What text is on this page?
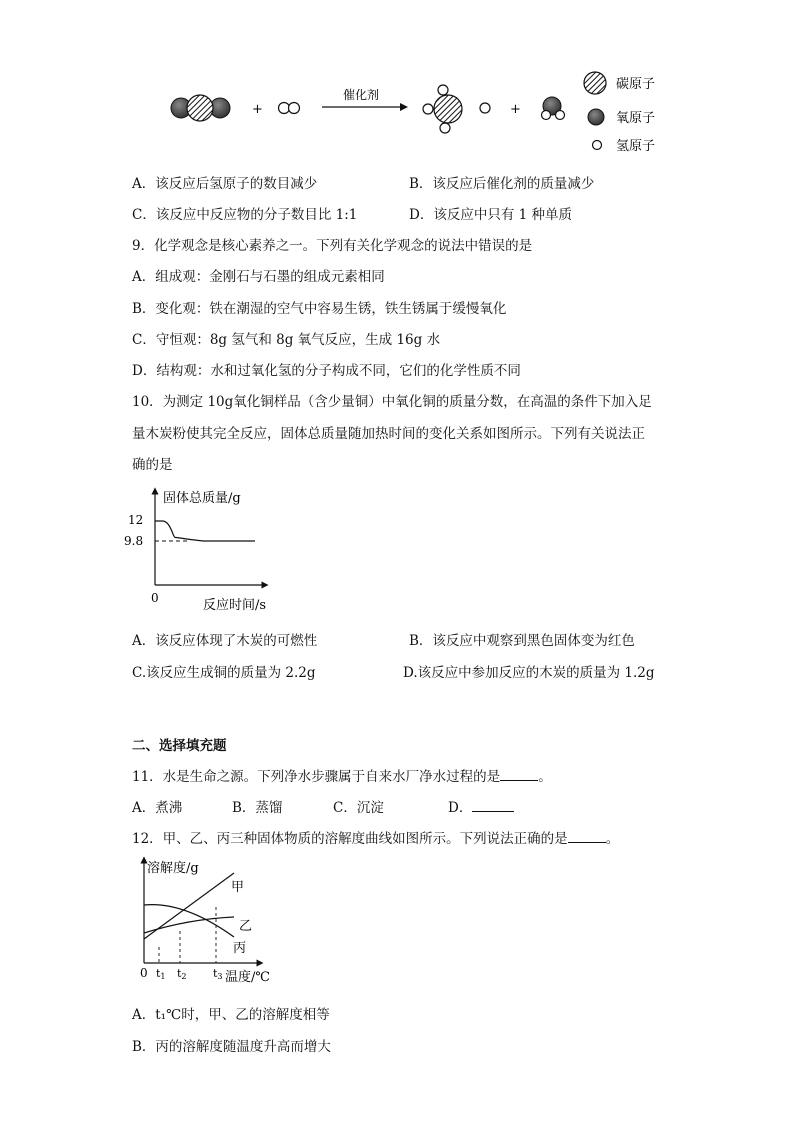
+
催化剂
+
碳原子
氧原子
氢原子
A．该反应后氢原子的数目减少	B．该反应后催化剂的质量减少
C．该反应中反应物的分子数目比 1:1	D．该反应中只有 1 种单质
9．化学观念是核心素养之一。下列有关化学观念的说法中错误的是
A．组成观：金刚石与石墨的组成元素相同
B．变化观：铁在潮湿的空气中容易生锈，铁生锈属于缓慢氧化
C．守恒观：8g 氢气和 8g 氧气反应，生成 16g 水
D．结构观：水和过氧化氢的分子构成不同，它们的化学性质不同
10．为测定 10g氧化铜样品（含少量铜）中氧化铜的质量分数，在高温的条件下加入足
量木炭粉使其完全反应，固体总质量随加热时间的变化关系如图所示。下列有关说法正
确的是
固体总质量/g
12
9.8
0	反应时间/s
A．该反应体现了木炭的可燃性	B．该反应中观察到黑色固体变为红色
C.该反应生成铜的质量为 2.2g	D.该反应中参加反应的木炭的质量为 1.2g
二、选择填充题
11．水是生命之源。下列净水步骤属于自来水厂净水过程的是	。
A．煮沸	B．蒸馏	C．沉淀	D．
12．甲、乙、丙三种固体物质的溶解度曲线如图所示。下列说法正确的是	。
溶解度/g
甲
乙
丙
0 t1 t2 t3 温度/℃
A．t₁℃时，甲、乙的溶解度相等
B．丙的溶解度随温度升高而增大
